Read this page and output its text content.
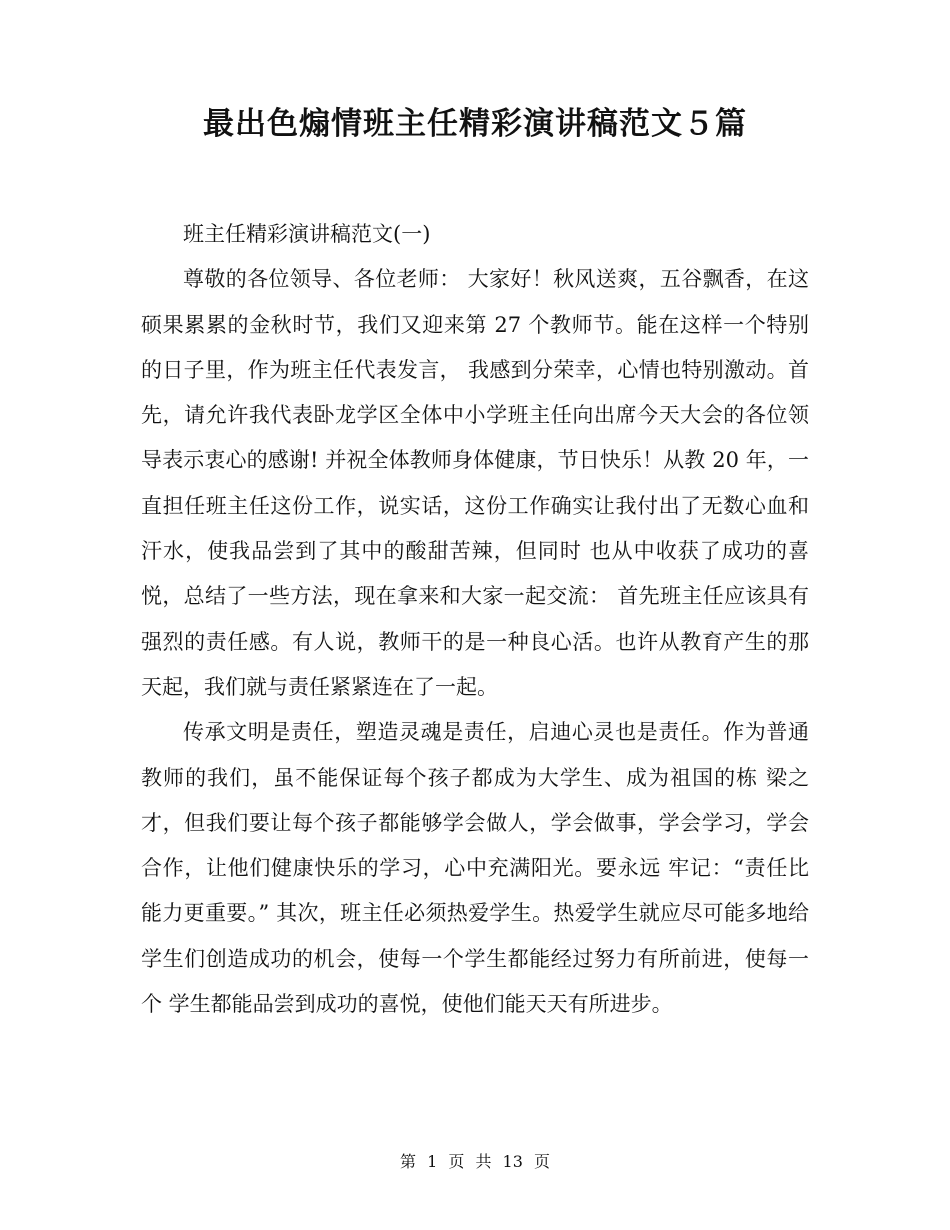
最出色煽情班主任精彩演讲稿范文５篇

班主任精彩演讲稿范文(一)

尊敬的各位领导、各位老师： 大家好！秋风送爽，五谷飘香，在这硕果累累的金秋时节，我们又迎来第 27 个教师节。能在这样一个特别的日子里，作为班主任代表发言， 我感到分荣幸，心情也特别激动。首先，请允许我代表卧龙学区全体中小学班主任向出席今天大会的各位领导表示衷心的感谢! 并祝全体教师身体健康，节日快乐！从教 20 年，一直担任班主任这份工作，说实话，这份工作确实让我付出了无数心血和汗水，使我品尝到了其中的酸甜苦辣，但同时 也从中收获了成功的喜悦，总结了一些方法，现在拿来和大家一起交流： 首先班主任应该具有强烈的责任感。有人说，教师干的是一种良心活。也许从教育产生的那天起，我们就与责任紧紧连在了一起。

传承文明是责任，塑造灵魂是责任，启迪心灵也是责任。作为普通教师的我们，虽不能保证每个孩子都成为大学生、成为祖国的栋 梁之才，但我们要让每个孩子都能够学会做人，学会做事，学会学习，学会合作，让他们健康快乐的学习，心中充满阳光。要永远 牢记：“责任比能力更重要。” 其次，班主任必须热爱学生。热爱学生就应尽可能多地给学生们创造成功的机会，使每一个学生都能经过努力有所前进，使每一个 学生都能品尝到成功的喜悦，使他们能天天有所进步。

第 1 页 共 13 页
